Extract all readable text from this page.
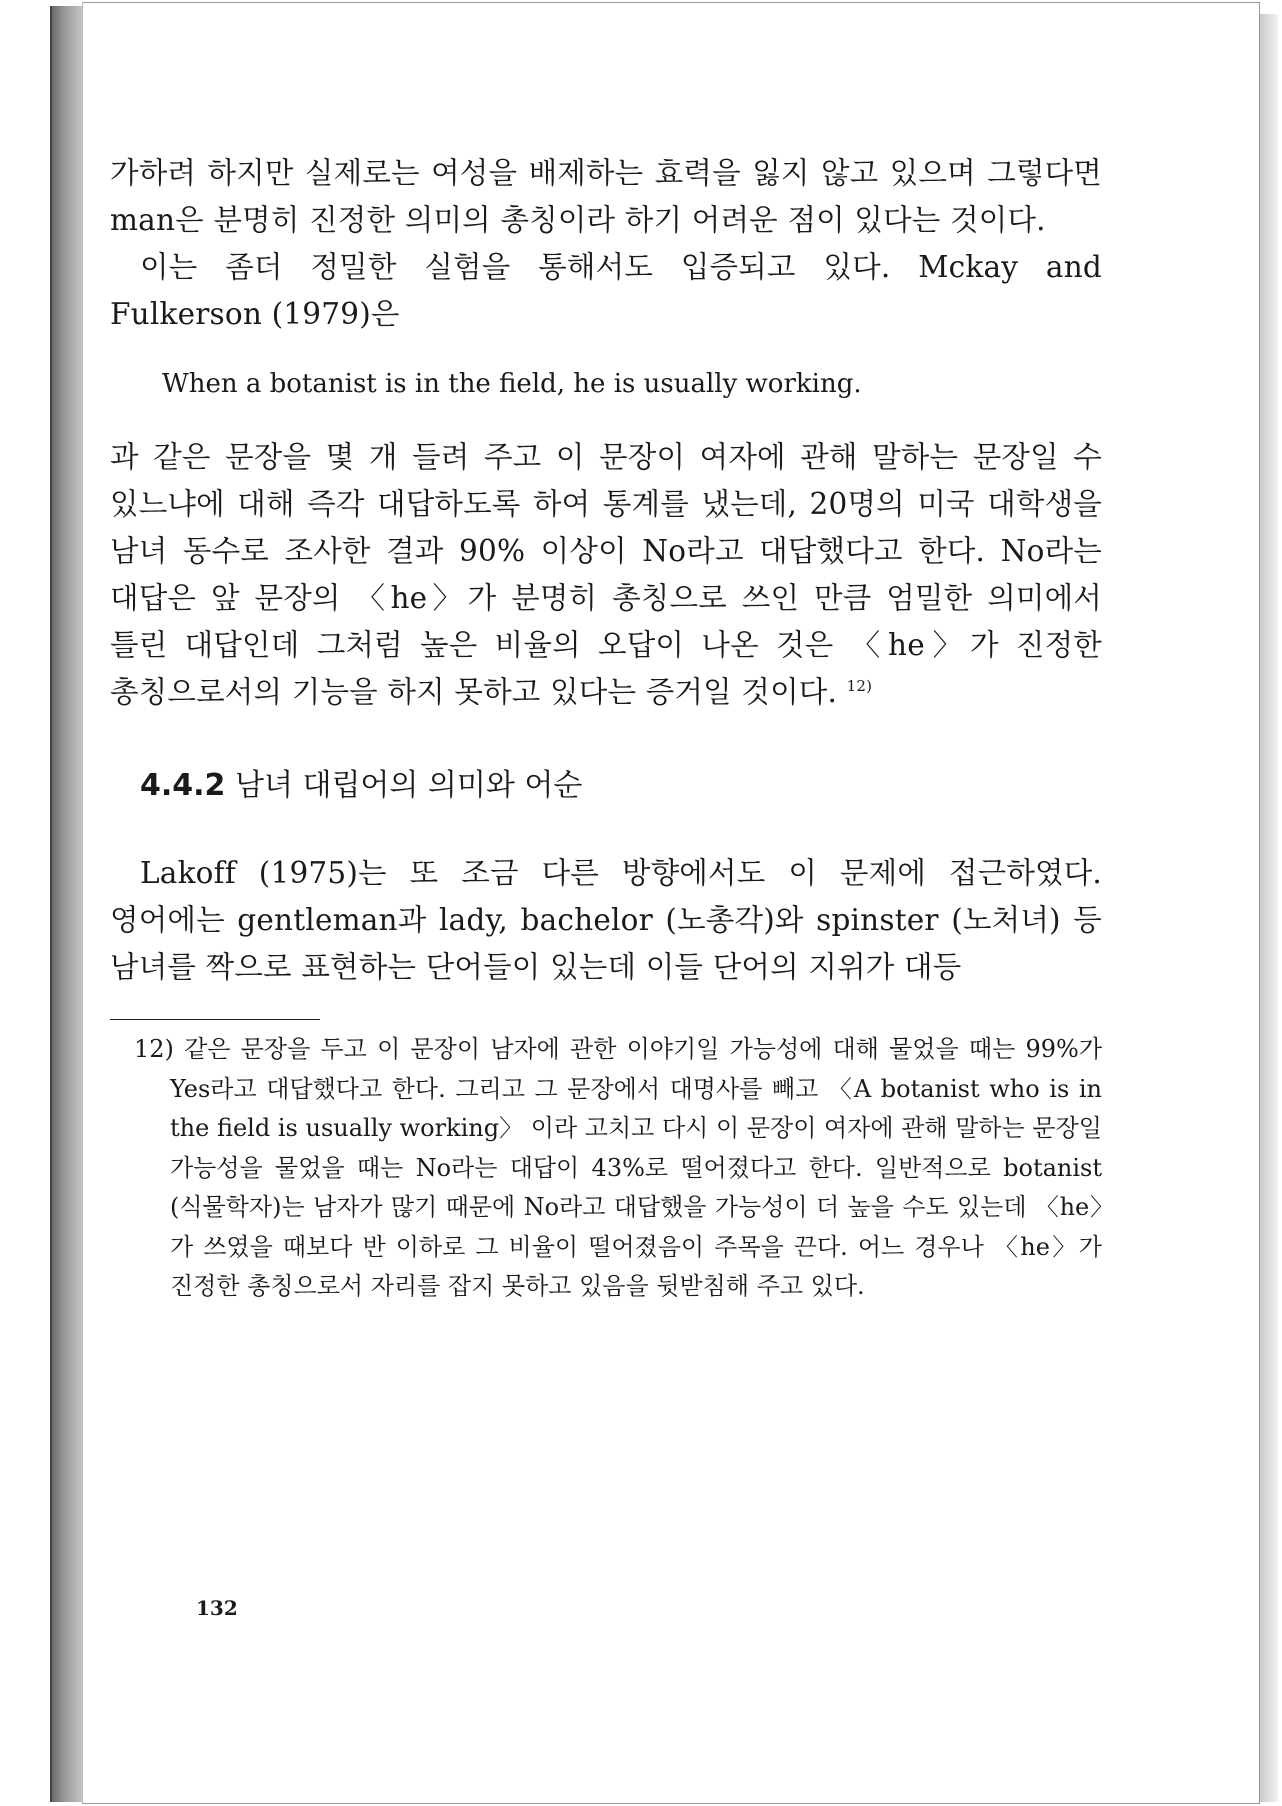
가하려 하지만 실제로는 여성을 배제하는 효력을 잃지 않고 있으며 그렇다면 man은 분명히 진정한 의미의 총칭이라 하기 어려운 점이 있다는 것이다.

이는 좀더 정밀한 실험을 통해서도 입증되고 있다. Mckay and Fulkerson (1979)은

When a botanist is in the field, he is usually working.

과 같은 문장을 몇 개 들려 주고 이 문장이 여자에 관해 말하는 문장일 수 있느냐에 대해 즉각 대답하도록 하여 통계를 냈는데, 20명의 미국 대학생을 남녀 동수로 조사한 결과 90% 이상이 No라고 대답했다고 한다. No라는 대답은 앞 문장의 〈he〉가 분명히 총칭으로 쓰인 만큼 엄밀한 의미에서 틀린 대답인데 그처럼 높은 비율의 오답이 나온 것은 〈he〉가 진정한 총칭으로서의 기능을 하지 못하고 있다는 증거일 것이다. $^{12)}$

4.4.2 남녀 대립어의 의미와 어순

Lakoff (1975)는 또 조금 다른 방향에서도 이 문제에 접근하였다. 영어에는 gentleman과 lady, bachelor (노총각)와 spinster (노처녀) 등 남녀를 짝으로 표현하는 단어들이 있는데 이들 단어의 지위가 대등

12) 같은 문장을 두고 이 문장이 남자에 관한 이야기일 가능성에 대해 물었을 때는 99%가 Yes라고 대답했다고 한다. 그리고 그 문장에서 대명사를 빼고 〈A botanist who is in the field is usually working〉 이라 고치고 다시 이 문장이 여자에 관해 말하는 문장일 가능성을 물었을 때는 No라는 대답이 43%로 떨어졌다고 한다. 일반적으로 botanist (식물학자)는 남자가 많기 때문에 No라고 대답했을 가능성이 더 높을 수도 있는데 〈he〉가 쓰였을 때보다 반 이하로 그 비율이 떨어졌음이 주목을 끈다. 어느 경우나 〈he〉가 진정한 총칭으로서 자리를 잡지 못하고 있음을 뒷받침해 주고 있다.

132
